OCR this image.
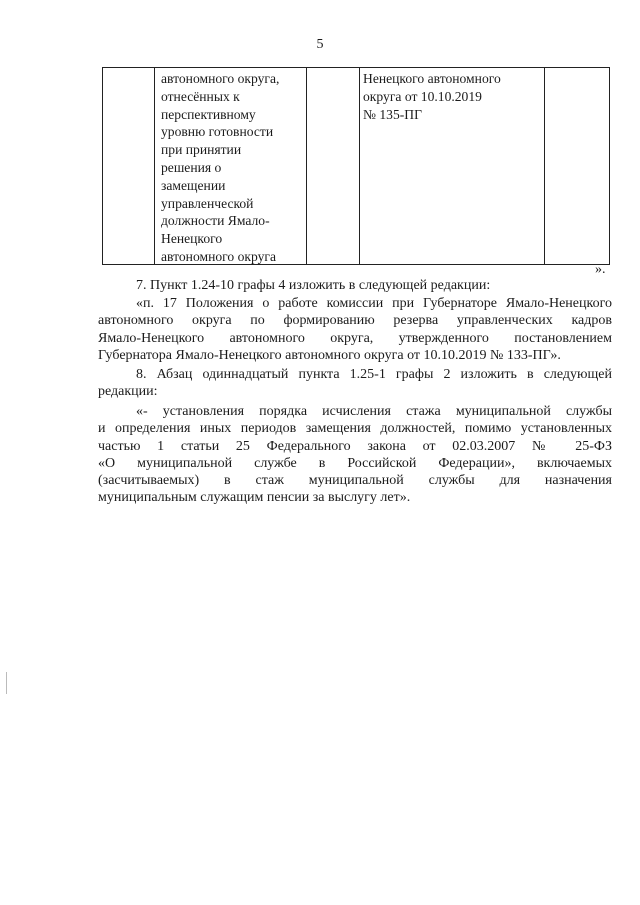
5
автономного округа,
отнесённых к
перспективному
уровню готовности
при принятии
решения о
замещении
управленческой
должности Ямало-
Ненецкого
автономного округа
Ненецкого автономного
округа от 10.10.2019
№ 135-ПГ
».
7. Пункт 1.24-10 графы 4 изложить в следующей редакции:
«п. 17 Положения о работе комиссии при Губернаторе Ямало-Ненецкого
автономного округа по формированию резерва управленческих кадров
Ямало-Ненецкого автономного округа, утвержденного постановлением
Губернатора Ямало-Ненецкого автономного округа от 10.10.2019 № 133-ПГ».
8. Абзац одиннадцатый пункта 1.25-1 графы 2 изложить в следующей
редакции:
«- установления порядка исчисления стажа муниципальной службы
и определения иных периодов замещения должностей, помимо установленных
частью 1 статьи 25 Федерального закона от 02.03.2007 № 25-ФЗ
«О муниципальной службе в Российской Федерации», включаемых
(засчитываемых) в стаж муниципальной службы для назначения
муниципальным служащим пенсии за выслугу лет».
